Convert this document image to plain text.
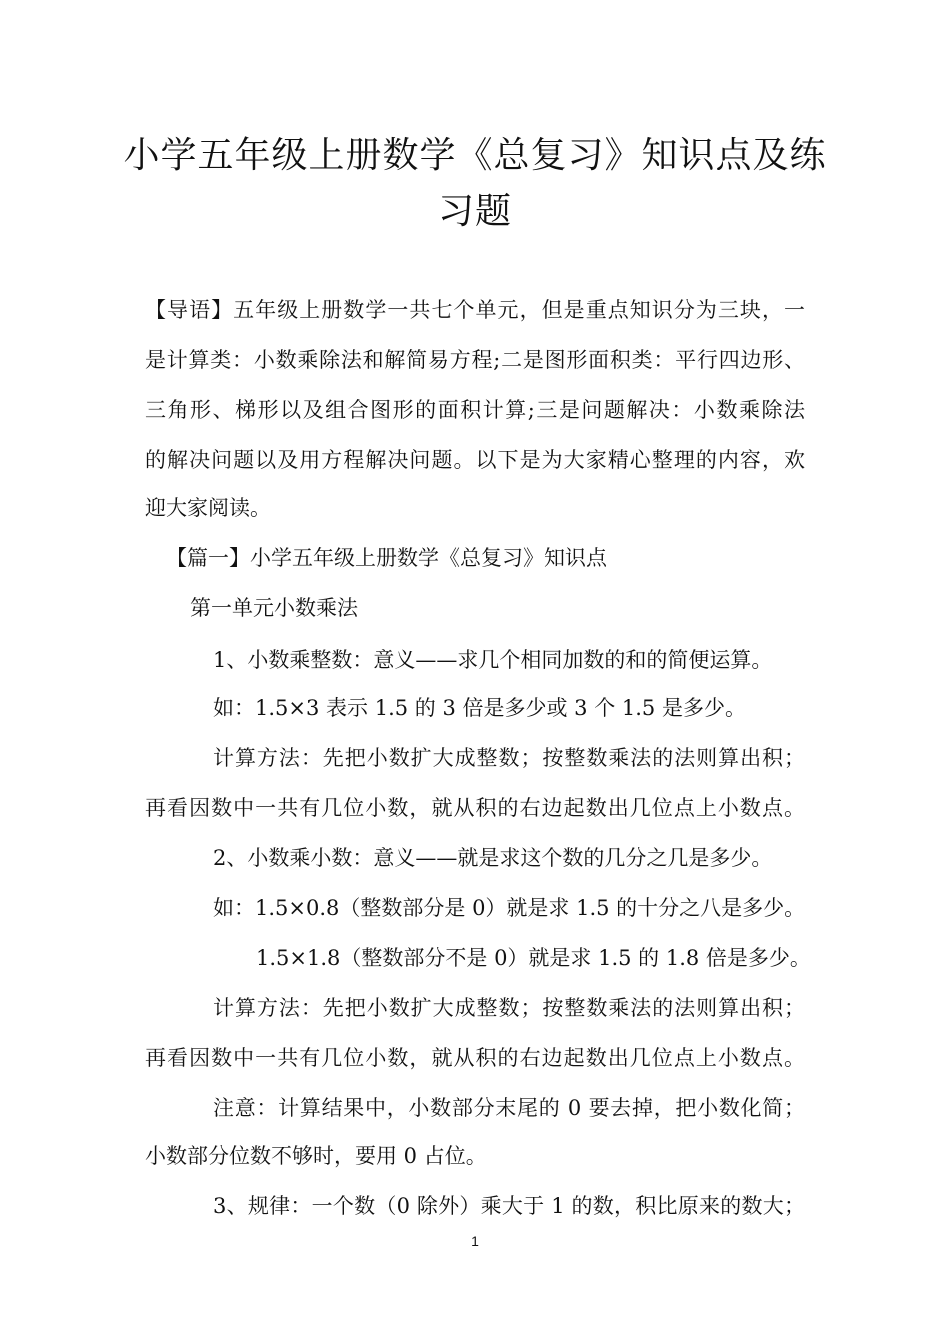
小学五年级上册数学《总复习》知识点及练
习题
【导语】五年级上册数学一共七个单元，但是重点知识分为三块，一
是计算类：小数乘除法和解简易方程;二是图形面积类：平行四边形、
三角形、梯形以及组合图形的面积计算;三是问题解决：小数乘除法
的解决问题以及用方程解决问题。以下是为大家精心整理的内容，欢
迎大家阅读。
【篇一】小学五年级上册数学《总复习》知识点
第一单元小数乘法
1、小数乘整数：意义——求几个相同加数的和的简便运算。
如：1.5×3 表示 1.5 的 3 倍是多少或 3 个 1.5 是多少。
计算方法：先把小数扩大成整数；按整数乘法的法则算出积；
再看因数中一共有几位小数，就从积的右边起数出几位点上小数点。
2、小数乘小数：意义——就是求这个数的几分之几是多少。
如：1.5×0.8（整数部分是 0）就是求 1.5 的十分之八是多少。
1.5×1.8（整数部分不是 0）就是求 1.5 的 1.8 倍是多少。
计算方法：先把小数扩大成整数；按整数乘法的法则算出积；
再看因数中一共有几位小数，就从积的右边起数出几位点上小数点。
注意：计算结果中，小数部分末尾的 0 要去掉，把小数化简；
小数部分位数不够时，要用 0 占位。
3、规律：一个数（0 除外）乘大于 1 的数，积比原来的数大；
1
